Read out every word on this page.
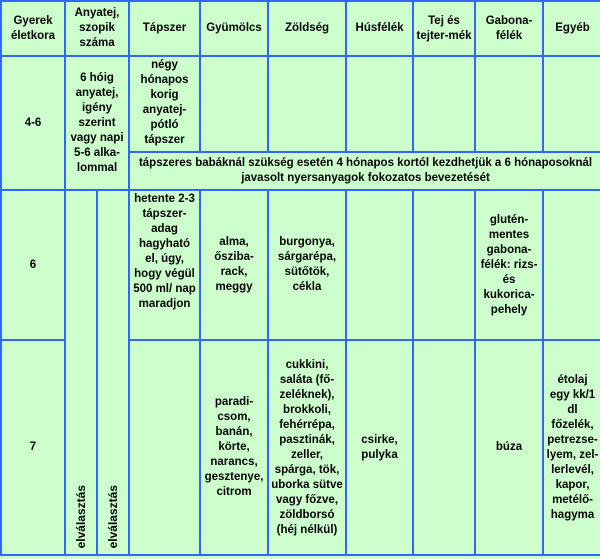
Gyerek életkora	Anyatej, szopik száma		Tápszer	Gyümölcs	Zöldség	Húsfélék	Tej és tejter-mék	Gabona-félék	Egyéb
4-6	6 hóig anyatej, igény szerint vagy napi 5-6 alka-lommal		négy hónapos korig anyatej-pótló tápszer						
			tápszeres babáknál szükség esetén 4 hónapos kortól kezdhetjük a 6 hónaposoknál javasolt nyersanyagok fokozatos bevezetését						
6	elválasztás	elválasztás	hetente 2-3 tápszer-adag hagyható el, úgy, hogy végül 500 ml/ nap maradjon	alma, őszibа-rack, meggy	burgonya, sárgarépa, sütőtök, cékla			glutén-mentes gabona-félék: rizs- és kukorica-pehely	
7				paradi-csom, banán, körte, narancs, gesztenye, citrom	cukkini, saláta (fő-zeléknek), brokkoli, fehérrépa, pasztinák, zeller, spárga, tök, uborka sütve vagy főzve, zöldborsó (héj nélkül)	csirke, pulyka		búza	étolaj egy kk/1 dl főzelék, petrezse-lyem, zel-lerlevél, kapor, metélő-hagyma
